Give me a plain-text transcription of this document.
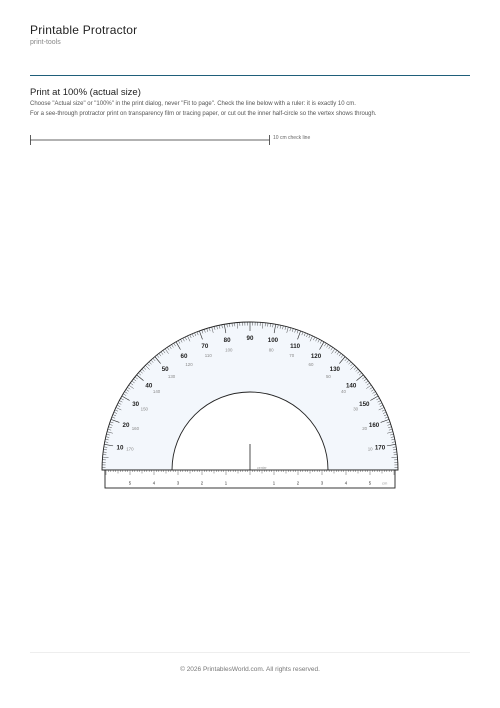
Printable Protractor
print-tools
Print at 100% (actual size)
Choose "Actual size" or "100%" in the print dialog, never "Fit to page". Check the line below with a ruler: it is exactly 10 cm.
For a see-through protractor print on transparency film or tracing paper, or cut out the inner half-circle so the vertex shows through.
10 cm check line
10
20
30
40
50
60
70
80	90 100
110
120
130
140
150
160
170
170
160
150
140
130
120
110
100	80
70
60
50
40
30
20
10
center
5	4	3	2	1	1	2	3	4	5	cm
© 2026 PrintablesWorld.com. All rights reserved.
